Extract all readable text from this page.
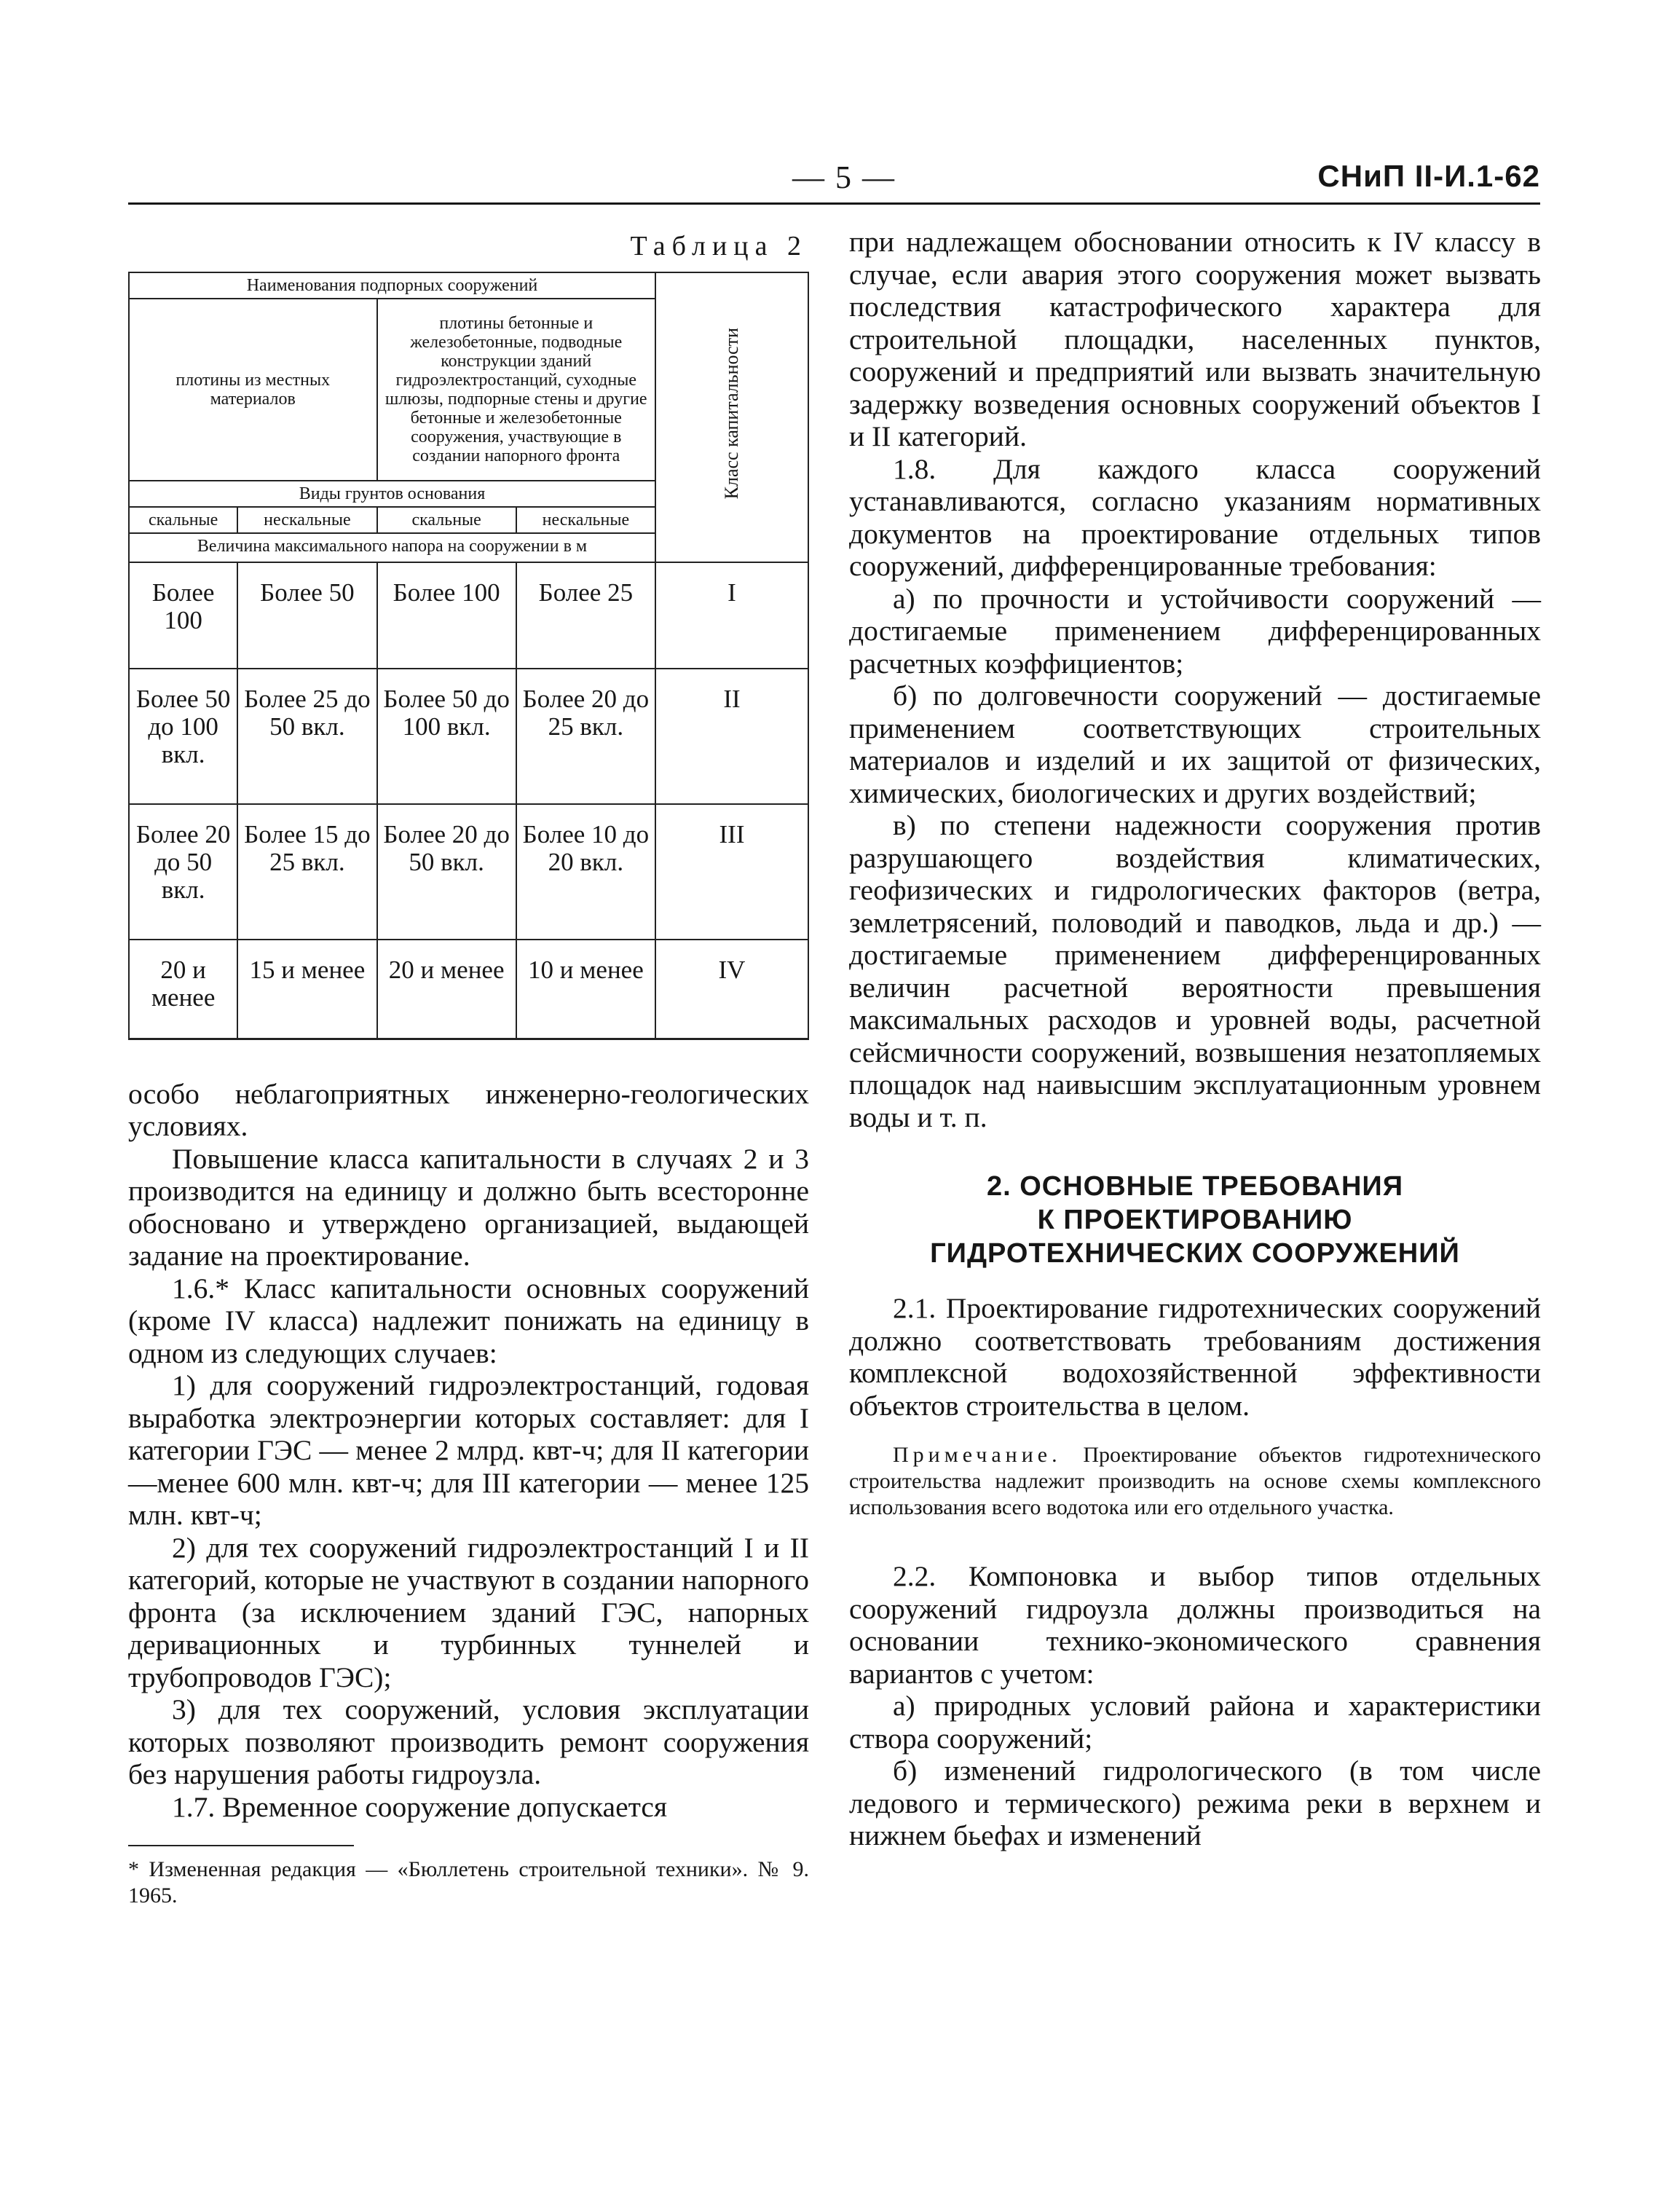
— 5 —	СНиП II-И.1-62
Таблица 2
Наименования подпорных сооружений				Класс капитальности
плотины из местных материалов		плотины бетонные и железобетонные, подводные конструкции зданий гидроэлектростанций, суходные шлюзы, подпорные стены и другие бетонные и железобетонные сооружения, участвующие в создании напорного фронта		
Виды грунтов основания				
скальные	нескальные	скальные	нескальные	
Величина максимального напора на сооружении в м				
Более 100	Более 50	Более 100	Более 25	I
Более 50 до 100 вкл.	Более 25 до 50 вкл.	Более 50 до 100 вкл.	Более 20 до 25 вкл.	II
Более 20 до 50 вкл.	Более 15 до 25 вкл.	Более 20 до 50 вкл.	Более 10 до 20 вкл.	III
20 и менее	15 и менее	20 и менее	10 и менее	IV

особо неблагоприятных инженерно-геологических условиях.

Повышение класса капитальности в случаях 2 и 3 производится на единицу и должно быть всесторонне обосновано и утверждено организацией, выдающей задание на проектирование.

1.6.* Класс капитальности основных сооружений (кроме IV класса) надлежит понижать на единицу в одном из следующих случаев:

1) для сооружений гидроэлектростанций, годовая выработка электроэнергии которых составляет: для I категории ГЭС — менее 2 млрд. квт-ч; для II категории—менее 600 млн. квт-ч; для III категории — менее 125 млн. квт-ч;

2) для тех сооружений гидроэлектростанций I и II категорий, которые не участвуют в создании напорного фронта (за исключением зданий ГЭС, напорных деривационных и турбинных туннелей и трубопроводов ГЭС);

3) для тех сооружений, условия эксплуатации которых позволяют производить ремонт сооружения без нарушения работы гидроузла.

1.7. Временное сооружение допускается

* Измененная редакция — «Бюллетень строительной техники». № 9. 1965.

при надлежащем обосновании относить к IV классу в случае, если авария этого сооружения может вызвать последствия катастрофического характера для строительной площадки, населенных пунктов, сооружений и предприятий или вызвать значительную задержку возведения основных сооружений объектов I и II категорий.

1.8. Для каждого класса сооружений устанавливаются, согласно указаниям нормативных документов на проектирование отдельных типов сооружений, дифференцированные требования:

а) по прочности и устойчивости сооружений — достигаемые применением дифференцированных расчетных коэффициентов;

б) по долговечности сооружений — достигаемые применением соответствующих строительных материалов и изделий и их защитой от физических, химических, биологических и других воздействий;

в) по степени надежности сооружения против разрушающего воздействия климатических, геофизических и гидрологических факторов (ветра, землетрясений, половодий и паводков, льда и др.) — достигаемые применением дифференцированных величин расчетной вероятности превышения максимальных расходов и уровней воды, расчетной сейсмичности сооружений, возвышения незатопляемых площадок над наивысшим эксплуатационным уровнем воды и т. п.

2. ОСНОВНЫЕ ТРЕБОВАНИЯ
К ПРОЕКТИРОВАНИЮ
ГИДРОТЕХНИЧЕСКИХ СООРУЖЕНИЙ

2.1. Проектирование гидротехнических сооружений должно соответствовать требованиям достижения комплексной водохозяйственной эффективности объектов строительства в целом.

Примечание. Проектирование объектов гидротехнического строительства надлежит производить на основе схемы комплексного использования всего водотока или его отдельного участка.

2.2. Компоновка и выбор типов отдельных сооружений гидроузла должны производиться на основании технико-экономического сравнения вариантов с учетом:

а) природных условий района и характеристики створа сооружений;

б) изменений гидрологического (в том числе ледового и термического) режима реки в верхнем и нижнем бьефах и изменений
